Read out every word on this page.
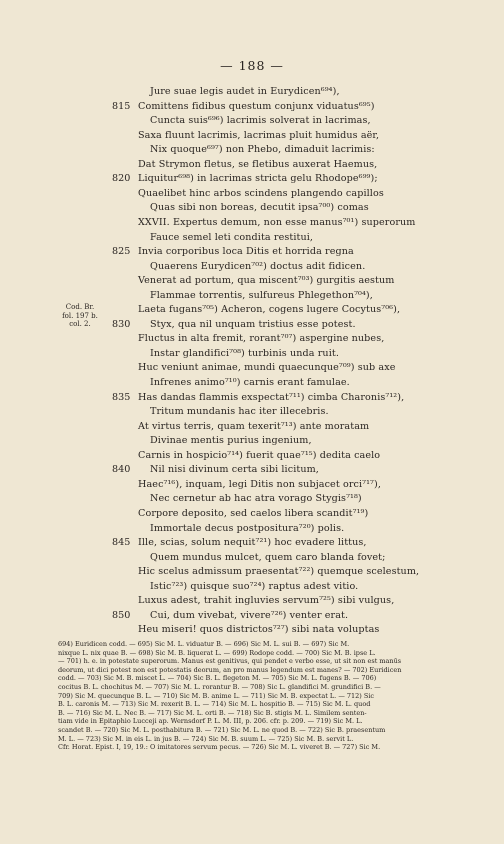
— 188 —
Cod. Br.
fol. 197 b.
col. 2.
Jure suae legis audet in Eurydicen⁶⁹⁴),
815 Comittens fidibus questum conjunx viduatus⁶⁹⁵)
Cuncta suis⁶⁹⁶) lacrimis solverat in lacrimas,
Saxa fluunt lacrimis, lacrimas pluit humidus aër,
Nix quoque⁶⁹⁷) non Phebo, dimaduit lacrimis:
Dat Strymon fletus, se fletibus auxerat Haemus,
820 Liquitur⁶⁹⁸) in lacrimas stricta gelu Rhodope⁶⁹⁹);
Quaelibet hinc arbos scindens plangendo capillos
Quas sibi non boreas, decutit ipsa⁷⁰⁰) comas
XXVII. Expertus demum, non esse manus⁷⁰¹) superorum
Fauce semel leti condita restitui,
825 Invia corporibus loca Ditis et horrida regna
Quaerens Eurydicen⁷⁰²) doctus adit fidicen.
Venerat ad portum, qua miscent⁷⁰³) gurgitis aestum
Flammae torrentis, sulfureus Phlegethon⁷⁰⁴),
Laeta fugans⁷⁰⁵) Acheron, cogens lugere Cocytus⁷⁰⁶),
830	Styx, qua nil unquam tristius esse potest.
Fluctus in alta fremit, rorant⁷⁰⁷) aspergine nubes,
Instar glandifici⁷⁰⁸) turbinis unda ruit.
Huc veniunt animae, mundi quaecunque⁷⁰⁹) sub axe
Infrenes animo⁷¹⁰) carnis erant famulae.
835 Has dandas flammis exspectat⁷¹¹) cimba Charonis⁷¹²),
Tritum mundanis hac iter illecebris.
At virtus terris, quam texerit⁷¹³) ante moratam
Divinae mentis purius ingenium,
Carnis in hospicio⁷¹⁴) fuerit quae⁷¹⁵) dedita caelo
840	Nil nisi divinum certa sibi licitum,
Haec⁷¹⁶), inquam, legi Ditis non subjacet orci⁷¹⁷),
Nec cernetur ab hac atra vorago Stygis⁷¹⁸)
Corpore deposito, sed caelos libera scandit⁷¹⁹)
Immortale decus postpositura⁷²⁰) polis.
845 Ille, scias, solum nequit⁷²¹) hoc evadere littus,
Quem mundus mulcet, quem caro blanda fovet;
Hic scelus admissum praesentat⁷²²) quemque scelestum,
Istic⁷²³) quisque suo⁷²⁴) raptus adest vitio.
Luxus adest, trahit ingluvies servum⁷²⁵) sibi vulgus,
850	Cui, dum vivebat, vivere⁷²⁶) venter erat.
Heu miseri! quos districtos⁷²⁷) sibi nata voluptas
694) Euridicen codd. — 695) Sic M. L. viduatur B. — 696) Sic M. L. sui B. — 697) Sic M.
nixque L. nix quae B. — 698) Sic M. B. liquerat L. — 699) Rodope codd. — 700) Sic M. B. ipse L.
— 701) h. e. in potestate superorum. Manus est genitivus, qui pendet e verbo esse, ut sit non est manūs
deorum, ut dici potest non est potestatis deorum, an pro manus legendum est manes? — 702) Euridicen
codd. — 703) Sic M. B. miscet L. — 704) Sic B. L. flegeton M. — 705) Sic M. L. fugens B. — 706)
cocitus B. L. chochitus M. — 707) Sic M. L. rorantur B. — 708) Sic L. glandifici M. grundifici B. —
709) Sic M. quecunque B. L. — 710) Sic M. B. anime L. — 711) Sic M. B. expectat L. — 712) Sic
B. L. caronis M. — 713) Sic M. rexerit B. L. — 714) Sic M. L. hospitio B. — 715) Sic M. L. quod
B. — 716) Sic M. L. Nec B. — 717) Sic M. L. orti B. — 718) Sic B. stigis M. L. Similem senten-
tiam vide in Epitaphio Lucceji ap. Wernsdorf P. L. M. III, p. 206. cfr. p. 209. — 719) Sic M. L.
scandet B. — 720) Sic M. L. posthabitura B. — 721) Sic M. L. ne quod B. — 722) Sic B. praesentum
M. L. — 723) Sic M. in eis L. in jus B. — 724) Sic M. B. suum L. — 725) Sic M. B. servit L.
Cfr. Horat. Epist. I, 19, 19.: O imitatores servum pecus. — 726) Sic M. L. viveret B. — 727) Sic M.
